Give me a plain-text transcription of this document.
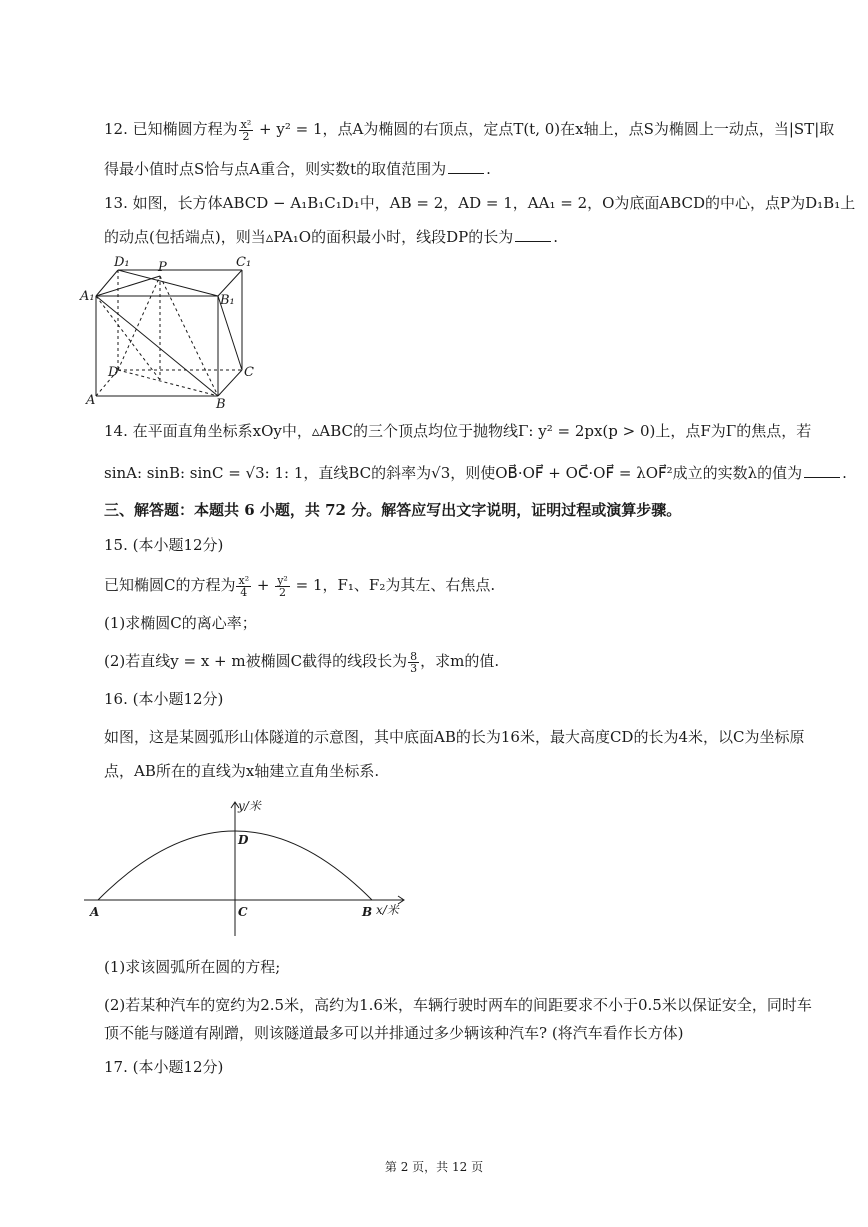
12. 已知椭圆方程为 $\frac{\text{x²}}{2} + y^2 = 1$，点A为椭圆的右顶点，定点T(t, 0)在x轴上，点S为椭圆上一动点，当|ST|取
得最小值时点S恰与点A重合，则实数t的取值范围为	.
13. 如图，长方体ABCD − A₁B₁C₁D₁中，AB = 2，AD = 1，AA₁ = 2，O为底面ABCD的中心，点P为D₁B₁上
的动点(包括端点)，则当▵PA₁O的面积最小时，线段DP的长为	.
D₁ P	C₁
A₁	B₁
D	C
A	B
14. 在平面直角坐标系xOy中，▵ABC的三个顶点均位于抛物线Γ: y² = 2px(p > 0)上，点F为Γ的焦点，若
sinA: sinB: sinC = √3: 1: 1，直线BC的斜率为√3，则使OB⃗·OF⃗ + OC⃗·OF⃗ = λOF⃗²成立的实数λ的值为	.
三、解答题：本题共 6 小题，共 72 分。解答应写出文字说明，证明过程或演算步骤。
15. (本小题12分)
已知椭圆C的方程为 $\frac{\text{x²}}{4} + \frac{\text{y²}}{2} = 1$，F₁、F₂为其左、右焦点.
(1)求椭圆C的离心率；
(2)若直线y = x + m被椭圆C截得的线段长为 $\frac{8}{3}$ ，求m的值.
16. (本小题12分)
如图，这是某圆弧形山体隧道的示意图，其中底面AB的长为16米，最大高度CD的长为4米，以C为坐标原
点，AB所在的直线为x轴建立直角坐标系.
y/米
x/米
A	B
C
D
(1)求该圆弧所在圆的方程;
(2)若某种汽车的宽约为2.5米，高约为1.6米，车辆行驶时两车的间距要求不小于0.5米以保证安全，同时车
顶不能与隧道有剐蹭，则该隧道最多可以并排通过多少辆该种汽车? (将汽车看作长方体)
17. (本小题12分)
第 2 页，共 12 页
